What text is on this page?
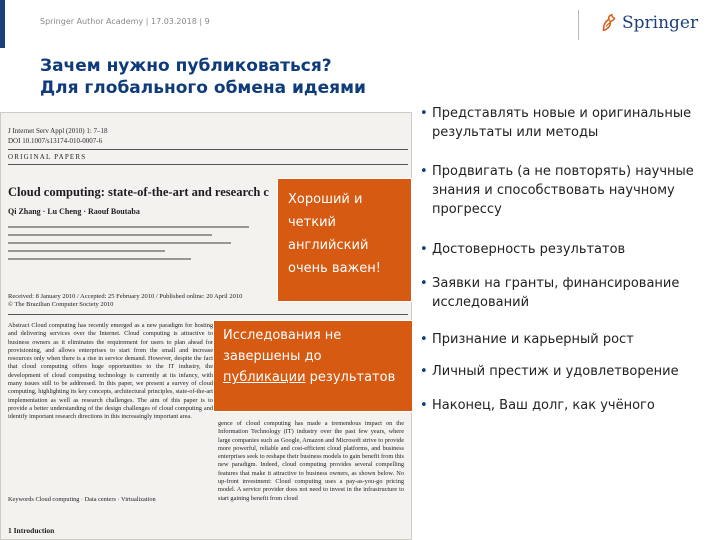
Springer Author Academy | 17.03.2018 | 9	Springer
Зачем нужно публиковаться?
Для глобального обмена идеями
J Internet Serv Appl (2010) 1: 7–18
DOI 10.1007/s13174-010-0007-6
ORIGINAL PAPERS
Cloud computing: state-of-the-art and research c
Qi Zhang · Lu Cheng · Raouf Boutaba
Received: 8 January 2010 / Accepted: 25 February 2010 / Published online: 20 April 2010
© The Brazilian Computer Society 2010
Abstract Cloud computing has recently emerged as a new paradigm for hosting and delivering services over the Internet. Cloud computing is attractive to business owners as it eliminates the requirement for users to plan ahead for provisioning, and allows enterprises to start from the small and increase resources only when there is a rise in service demand. However, despite the fact that cloud computing offers huge opportunities to the IT industry, the development of cloud computing technology is currently at its infancy, with many issues still to be addressed. In this paper, we present a survey of cloud computing, highlighting its key concepts, architectural principles, state-of-the-art implementation as well as research challenges. The aim of this paper is to provide a better understanding of the design challenges of cloud computing and identify important research directions in this increasingly important area.
gence of cloud computing has made a tremendous impact on the Information Technology (IT) industry over the past few years, where large companies such as Google, Amazon and Microsoft strive to provide more powerful, reliable and cost-efficient cloud platforms, and business enterprises seek to reshape their business models to gain benefit from this new paradigm. Indeed, cloud computing provides several compelling features that make it attractive to business owners, as shown below. No up-front investment: Cloud computing uses a pay-as-you-go pricing model. A service provider does not need to invest in the infrastructure to start gaining benefit from cloud
Keywords Cloud computing · Data centers · Virtualization
1 Introduction
Хороший и
четкий
английский
очень важен!
Исследования не
завершены до
публикации результатов
• Представлять новые и оригинальные
результаты или методы
• Продвигать (а не повторять) научные
знания и способствовать научному
прогрессу
• Достоверность результатов
• Заявки на гранты, финансирование
исследований
• Признание и карьерный рост
• Личный престиж и удовлетворение
• Наконец, Ваш долг, как учёного
